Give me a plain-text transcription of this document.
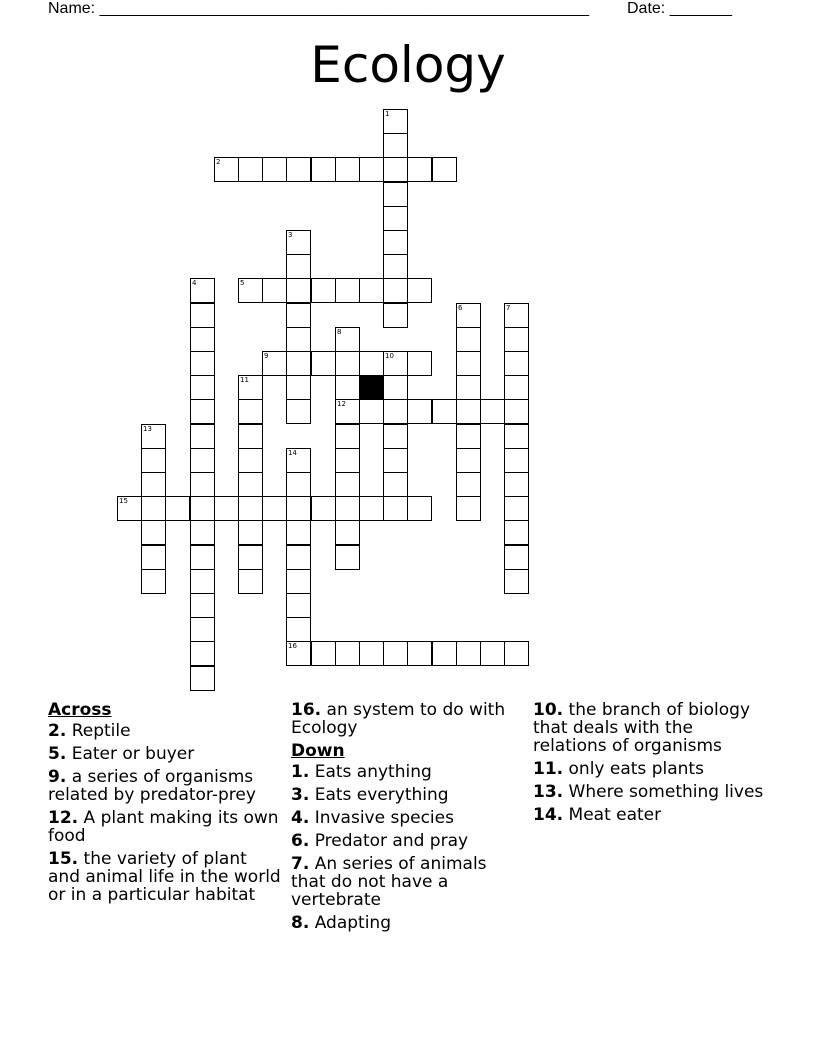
Name: _______________________________________________________ Date: _______
Ecology
2
5
9	10
12
15
16
1
3
4
6	7
8
11
13
14
Across
2. Reptile
5. Eater or buyer
9. a series of organisms related by predator-prey
12. A plant making its own food
15. the variety of plant and animal life in the world or in a particular habitat
16. an system to do with Ecology
Down
1. Eats anything
3. Eats everything
4. Invasive species
6. Predator and pray
7. An series of animals that do not have a vertebrate
8. Adapting
10. the branch of biology that deals with the relations of organisms
11. only eats plants
13. Where something lives
14. Meat eater
